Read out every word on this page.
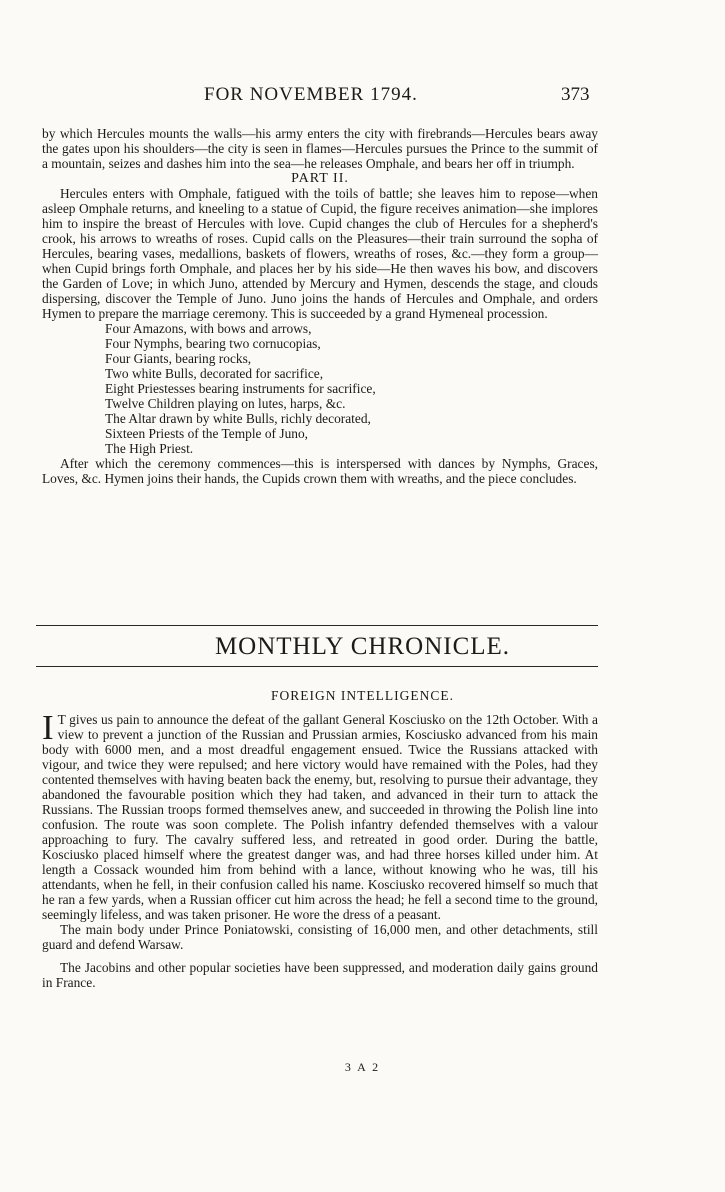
FOR NOVEMBER 1794.	373

by which Hercules mounts the walls—his army enters the city with firebrands—Hercules bears away the gates upon his shoulders—the city is seen in flames—Hercules pursues the Prince to the summit of a mountain, seizes and dashes him into the sea—he releases Omphale, and bears her off in triumph.

PART II.

Hercules enters with Omphale, fatigued with the toils of battle; she leaves him to repose—when asleep Omphale returns, and kneeling to a statue of Cupid, the figure receives animation—she implores him to inspire the breast of Hercules with love. Cupid changes the club of Hercules for a shepherd's crook, his arrows to wreaths of roses. Cupid calls on the Pleasures—their train surround the sopha of Hercules, bearing vases, medallions, baskets of flowers, wreaths of roses, &c.—they form a group—when Cupid brings forth Omphale, and places her by his side—He then waves his bow, and discovers the Garden of Love; in which Juno, attended by Mercury and Hymen, descends the stage, and clouds dispersing, discover the Temple of Juno. Juno joins the hands of Hercules and Omphale, and orders Hymen to prepare the marriage ceremony. This is succeeded by a grand Hymeneal procession.

Four Amazons, with bows and arrows,
Four Nymphs, bearing two cornucopias,
Four Giants, bearing rocks,
Two white Bulls, decorated for sacrifice,
Eight Priestesses bearing instruments for sacrifice,
Twelve Children playing on lutes, harps, &c.
The Altar drawn by white Bulls, richly decorated,
Sixteen Priests of the Temple of Juno,
The High Priest.

After which the ceremony commences—this is interspersed with dances by Nymphs, Graces, Loves, &c. Hymen joins their hands, the Cupids crown them with wreaths, and the piece concludes.

MONTHLY CHRONICLE.
FOREIGN INTELLIGENCE.

I T gives us pain to announce the defeat of the gallant General Kosciusko on the 12th October. With a view to prevent a junction of the Russian and Prussian armies, Kosciusko advanced from his main body with 6000 men, and a most dreadful engagement ensued. Twice the Russians attacked with vigour, and twice they were repulsed; and here victory would have remained with the Poles, had they contented themselves with having beaten back the enemy, but, resolving to pursue their advantage, they abandoned the favourable position which they had taken, and advanced in their turn to attack the Russians. The Russian troops formed themselves anew, and succeeded in throwing the Polish line into confusion. The route was soon complete. The Polish infantry defended themselves with a valour approaching to fury. The cavalry suffered less, and retreated in good order. During the battle, Kosciusko placed himself where the greatest danger was, and had three horses killed under him. At length a Cossack wounded him from behind with a lance, without knowing who he was, till his attendants, when he fell, in their confusion called his name. Kosciusko recovered himself so much that he ran a few yards, when a Russian officer cut him across the head; he fell a second time to the ground, seemingly lifeless, and was taken prisoner. He wore the dress of a peasant.

The main body under Prince Poniatowski, consisting of 16,000 men, and other detachments, still guard and defend Warsaw.

The Jacobins and other popular societies have been suppressed, and moderation daily gains ground in France.

3 A 2
